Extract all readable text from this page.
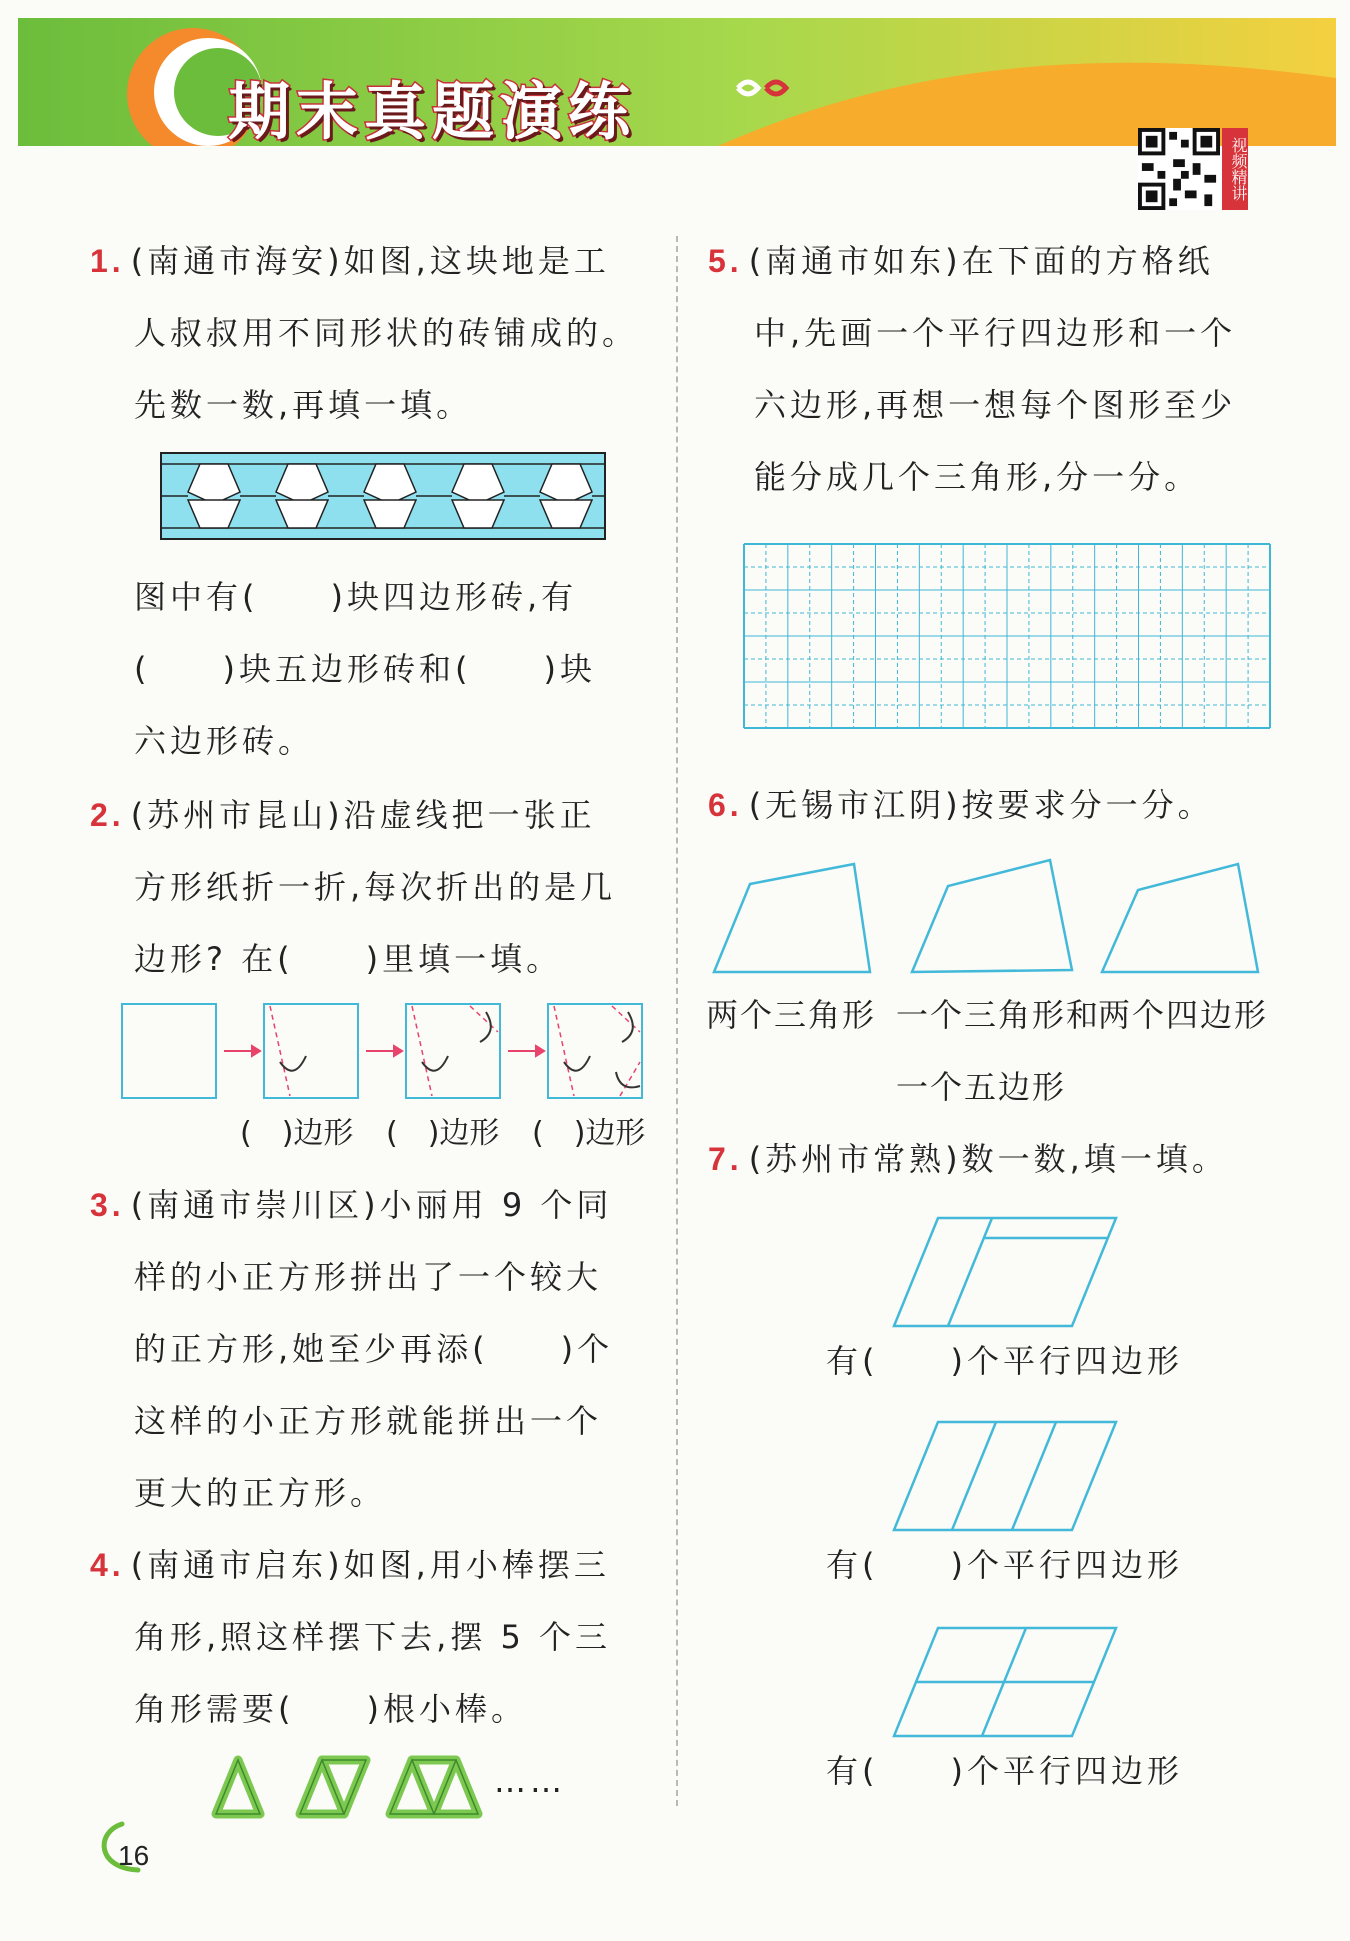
期末真题演练
视频精讲
1. (南通市海安)如图,这块地是工
人叔叔用不同形状的砖铺成的。
先数一数,再填一填。
图中有(　　)块四边形砖,有
(　　)块五边形砖和(　　)块
六边形砖。
2. (苏州市昆山)沿虚线把一张正
方形纸折一折,每次折出的是几
边形? 在(　　)里填一填。
(　)边形 (　)边形 (　)边形
3. (南通市崇川区)小丽用 9 个同
样的小正方形拼出了一个较大
的正方形,她至少再添(　　)个
这样的小正方形就能拼出一个
更大的正方形。
4. (南通市启东)如图,用小棒摆三
角形,照这样摆下去,摆 5 个三
角形需要(　　)根小棒。
……
5. (南通市如东)在下面的方格纸
中,先画一个平行四边形和一个
六边形,再想一想每个图形至少
能分成几个三角形,分一分。
6. (无锡市江阴)按要求分一分。
两个三角形 一个三角形和
两个四边形
一个五边形
7. (苏州市常熟)数一数,填一填。
有(　　)个平行四边形
有(　　)个平行四边形
有(　　)个平行四边形
16
